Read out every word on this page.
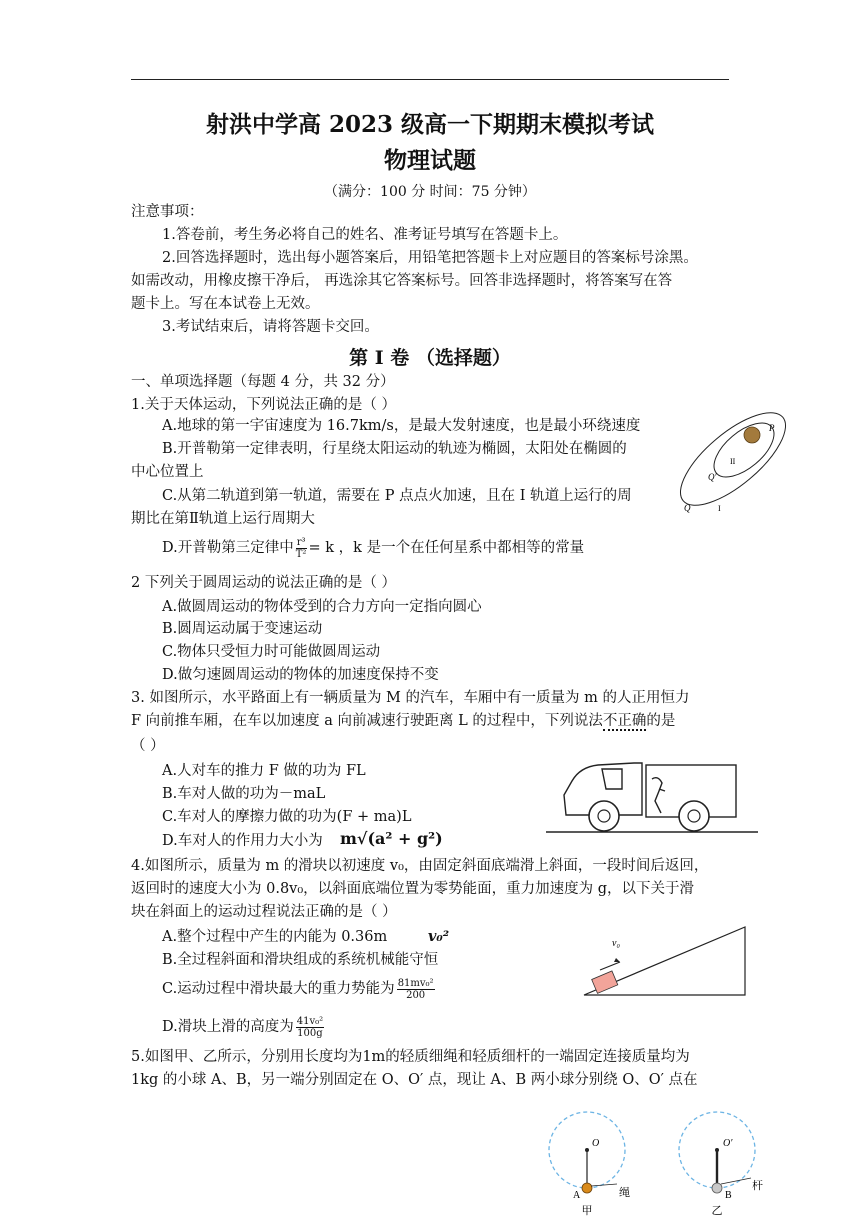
射洪中学高 2023 级高一下期期末模拟考试
物理试题
（满分：100 分 时间：75 分钟）
注意事项：
1.答卷前，考生务必将自己的姓名、准考证号填写在答题卡上。
2.回答选择题时，选出每小题答案后，用铅笔把答题卡上对应题目的答案标号涂黑。
如需改动，用橡皮擦干净后， 再选涂其它答案标号。回答非选择题时，将答案写在答
题卡上。写在本试卷上无效。
3.考试结束后，请将答题卡交回。
第 I 卷 （选择题）
一、单项选择题（每题 4 分，共 32 分）
1.关于天体运动，下列说法正确的是（ ）
A.地球的第一宇宙速度为 16.7km/s，是最大发射速度，也是最小环绕速度
B.开普勒第一定律表明，行星绕太阳运动的轨迹为椭圆，太阳处在椭圆的
中心位置上
C.从第二轨道到第一轨道，需要在 P 点点火加速，且在 I 轨道上运行的周
期比在第Ⅱ轨道上运行周期大
D.开普勒第三定律中 $\frac{\text{r³}}{\text{T²}} = k$ ，k 是一个在任何星系中都相等的常量
P
Q′
Q
II
I
2 下列关于圆周运动的说法正确的是（ ）
A.做圆周运动的物体受到的合力方向一定指向圆心
B.圆周运动属于变速运动
C.物体只受恒力时可能做圆周运动
D.做匀速圆周运动的物体的加速度保持不变
3. 如图所示，水平路面上有一辆质量为 M 的汽车，车厢中有一质量为 m 的人正用恒力
F 向前推车厢，在车以加速度 a 向前减速行驶距离 L 的过程中，下列说法不正确的是
（ ）
A.人对车的推力 F 做的功为 FL
B.车对人做的功为－maL
C.车对人的摩擦力做的功为(F + ma)L
D.车对人的作用力大小为 m√(a² + g²)
4.如图所示，质量为 m 的滑块以初速度 v₀，由固定斜面底端滑上斜面，一段时间后返回，
返回时的速度大小为 0.8v₀，以斜面底端位置为零势能面，重力加速度为 g，以下关于滑
块在斜面上的运动过程说法正确的是（ ）
A.整个过程中产生的内能为 0.36m	v₀²
B.全过程斜面和滑块组成的系统机械能守恒
C.运动过程中滑块最大的重力势能为 $\frac{\text{81mv₀²}}{200}$
D.滑块上滑的高度为 $\frac{\text{41v₀²}}{100g}$
v₀
5.如图甲、乙所示，分别用长度均为1m的轻质细绳和轻质细杆的一端固定连接质量均为
1kg 的小球 A、B，另一端分别固定在 O、O′ 点，现让 A、B 两小球分别绕 O、O′ 点在
O
A	绳
甲
O′
B
杆
乙
